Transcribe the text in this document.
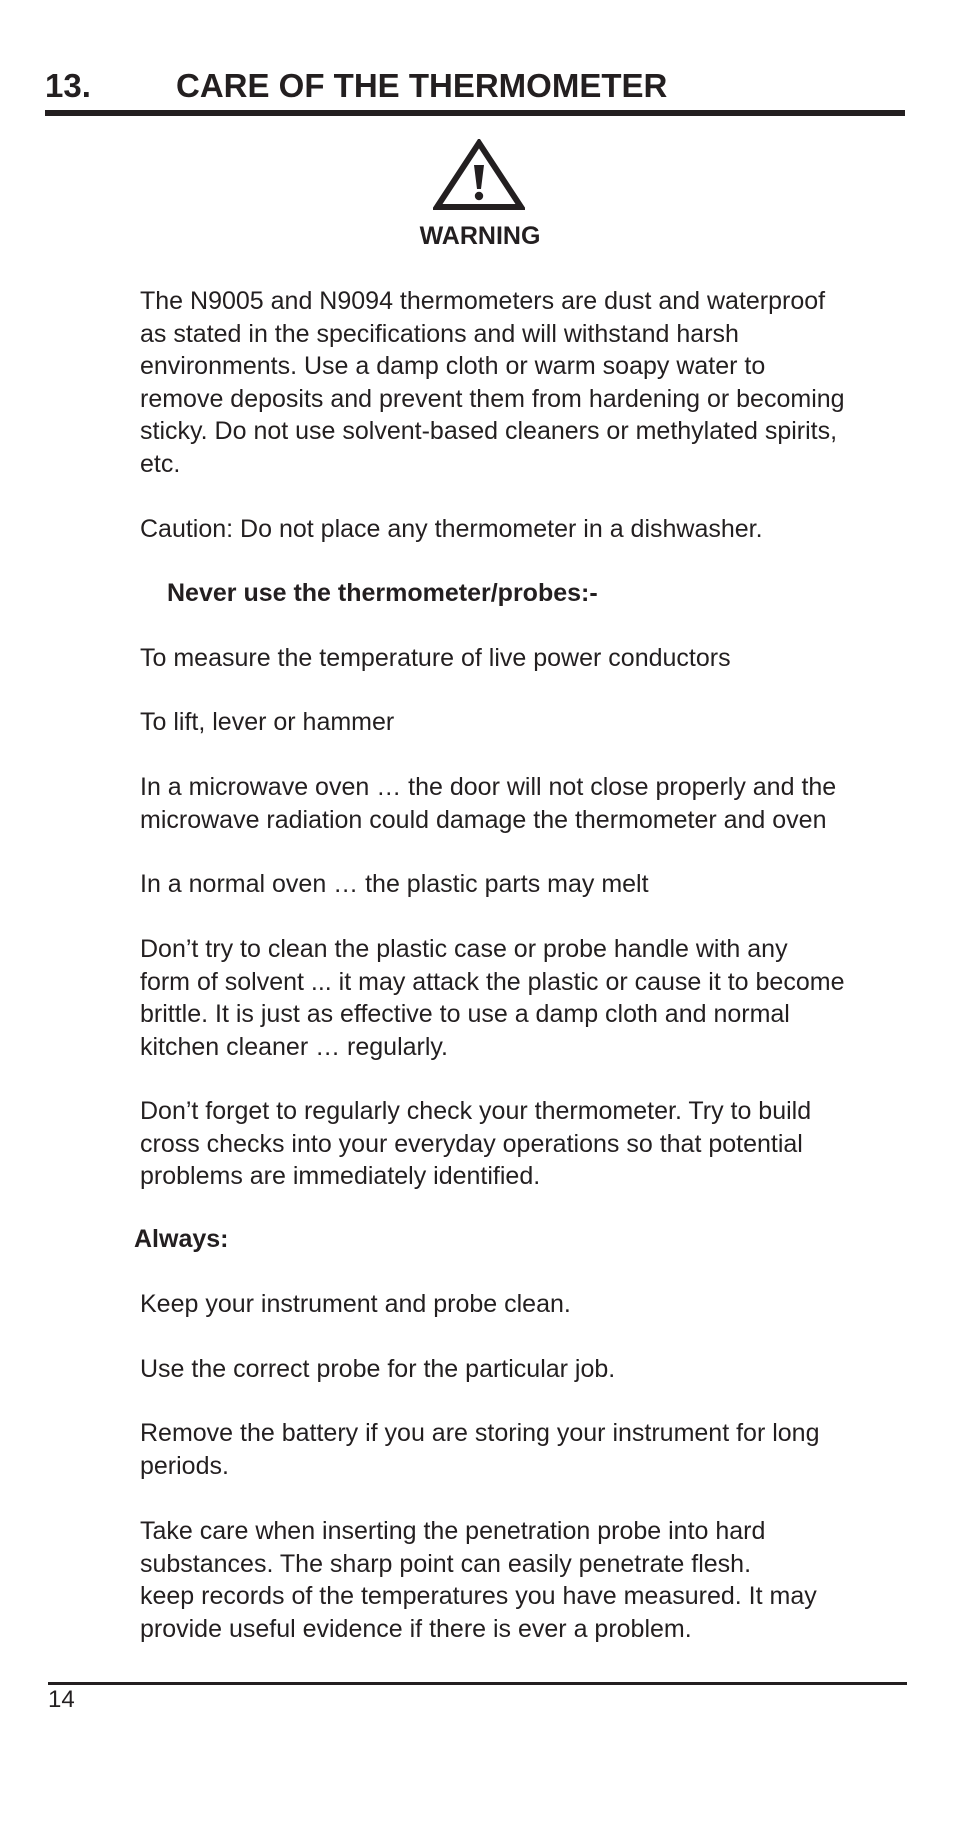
13.	CARE OF THE THERMOMETER
WARNING

The N9005 and N9094 thermometers are dust and waterproof
as stated in the specifications and will withstand harsh
environments. Use a damp cloth or warm soapy water to
remove deposits and prevent them from hardening or becoming
sticky. Do not use solvent-based cleaners or methylated spirits,
etc.

Caution: Do not place any thermometer in a dishwasher.

Never use the thermometer/probes:-

To measure the temperature of live power conductors

To lift, lever or hammer

In a microwave oven … the door will not close properly and the
microwave radiation could damage the thermometer and oven

In a normal oven … the plastic parts may melt

Don’t try to clean the plastic case or probe handle with any
form of solvent ... it may attack the plastic or cause it to become
brittle. It is just as effective to use a damp cloth and normal
kitchen cleaner … regularly.

Don’t forget to regularly check your thermometer. Try to build
cross checks into your everyday operations so that potential
problems are immediately identified.

Always:

Keep your instrument and probe clean.

Use the correct probe for the particular job.

Remove the battery if you are storing your instrument for long
periods.

Take care when inserting the penetration probe into hard
substances. The sharp point can easily penetrate flesh.
keep records of the temperatures you have measured. It may
provide useful evidence if there is ever a problem.

14
